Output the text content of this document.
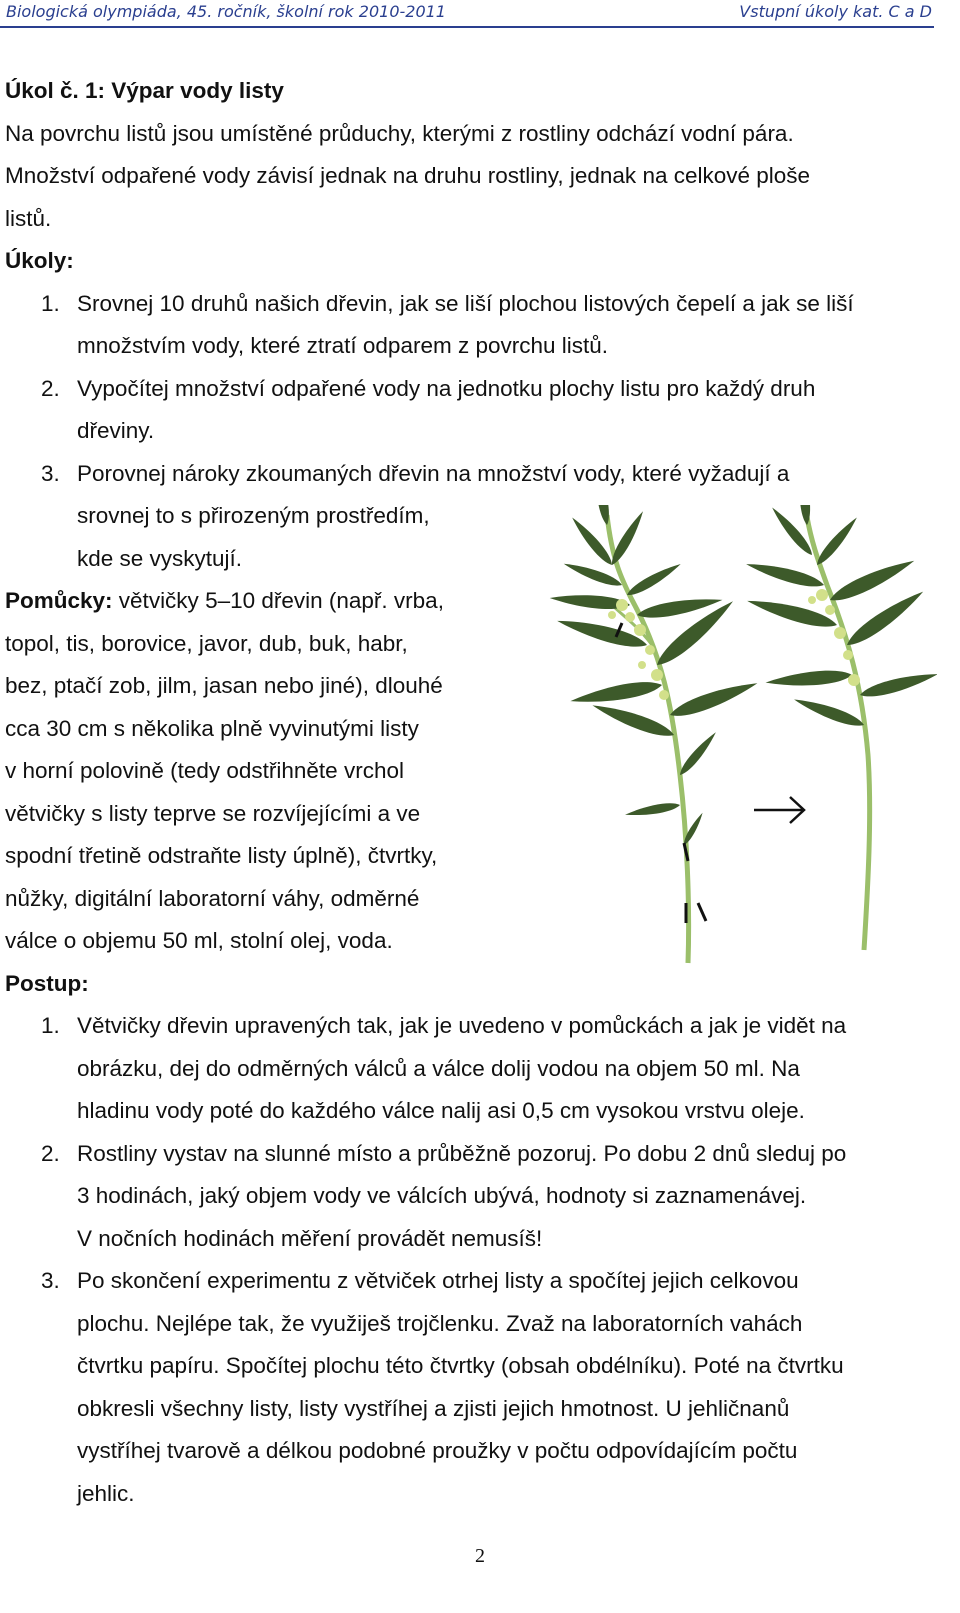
Biologická olympiáda, 45. ročník, školní rok 2010-2011	Vstupní úkoly kat. C a D

Úkol č. 1: Výpar vody listy

Na povrchu listů jsou umístěné průduchy, kterými z rostliny odchází vodní pára.

Množství odpařené vody závisí jednak na druhu rostliny, jednak na celkové ploše

listů.

Úkoly:

1. Srovnej 10 druhů našich dřevin, jak se liší plochou listových čepelí a jak se liší
množstvím vody, které ztratí odparem z povrchu listů.
2. Vypočítej množství odpařené vody na jednotku plochy listu pro každý druh
dřeviny.
3. Porovnej nároky zkoumaných dřevin na množství vody, které vyžadují a
srovnej to s přirozeným prostředím,
kde se vyskytují.

Pomůcky: větvičky 5–10 dřevin (např. vrba,

topol, tis, borovice, javor, dub, buk, habr,

bez, ptačí zob, jilm, jasan nebo jiné), dlouhé

cca 30 cm s několika plně vyvinutými listy

v horní polovině (tedy odstřihněte vrchol

větvičky s listy teprve se rozvíjejícími a ve

spodní třetině odstraňte listy úplně), čtvrtky,

nůžky, digitální laboratorní váhy, odměrné

válce o objemu 50 ml, stolní olej, voda.

Postup:

1. Větvičky dřevin upravených tak, jak je uvedeno v pomůckách a jak je vidět na
obrázku, dej do odměrných válců a válce dolij vodou na objem 50 ml. Na
hladinu vody poté do každého válce nalij asi 0,5 cm vysokou vrstvu oleje.
2. Rostliny vystav na slunné místo a průběžně pozoruj. Po dobu 2 dnů sleduj po
3 hodinách, jaký objem vody ve válcích ubývá, hodnoty si zaznamenávej.
V nočních hodinách měření provádět nemusíš!
3. Po skončení experimentu z větviček otrhej listy a spočítej jejich celkovou
plochu. Nejlépe tak, že využiješ trojčlenku. Zvaž na laboratorních vahách
čtvrtku papíru. Spočítej plochu této čtvrtky (obsah obdélníku). Poté na čtvrtku
obkresli všechny listy, listy vystříhej a zjisti jejich hmotnost. U jehličnanů
vystříhej tvarově a délkou podobné proužky v počtu odpovídajícím počtu
jehlic.
2
